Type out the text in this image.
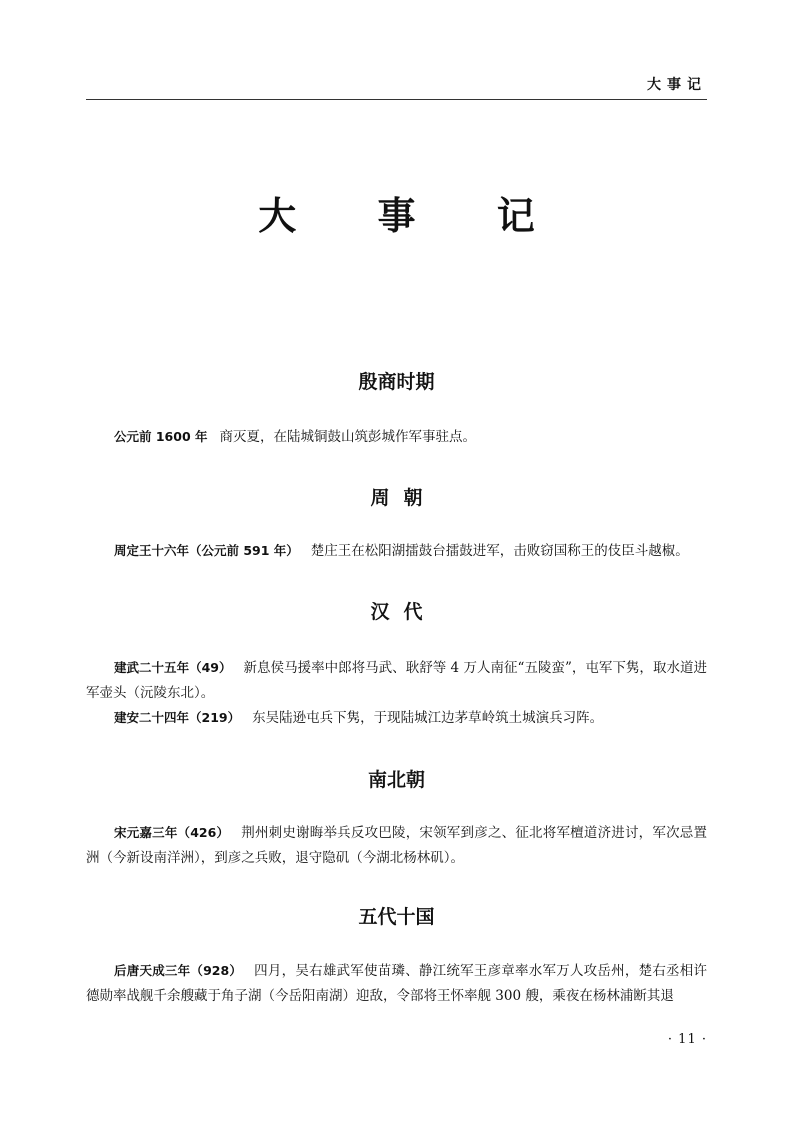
大事记
大 事 记
殷商时期
公元前 1600 年 商灭夏，在陆城铜鼓山筑彭城作军事驻点。
周朝
周定王十六年（公元前 591 年） 楚庄王在松阳湖擂鼓台擂鼓进军，击败窃国称王的伎臣斗越椒。
汉代
建武二十五年（49） 新息侯马援率中郎将马武、耿舒等 4 万人南征“五陵蛮”，屯军下隽，取水道进军壶头（沅陵东北）。
建安二十四年（219） 东吴陆逊屯兵下隽，于现陆城江边茅草岭筑土城演兵习阵。
南北朝
宋元嘉三年（426） 荆州刺史谢晦举兵反攻巴陵，宋领军到彦之、征北将军檀道济进讨，军次忌置洲（今新设南洋洲），到彦之兵败，退守隐矶（今湖北杨林矶）。
五代十国
后唐天成三年（928） 四月，吴右雄武军使苗璘、静江统军王彦章率水军万人攻岳州，楚右丞相许德勋率战舰千余艘藏于角子湖（今岳阳南湖）迎敌，令部将王怀率舰 300 艘，乘夜在杨林浦断其退
· 11 ·
